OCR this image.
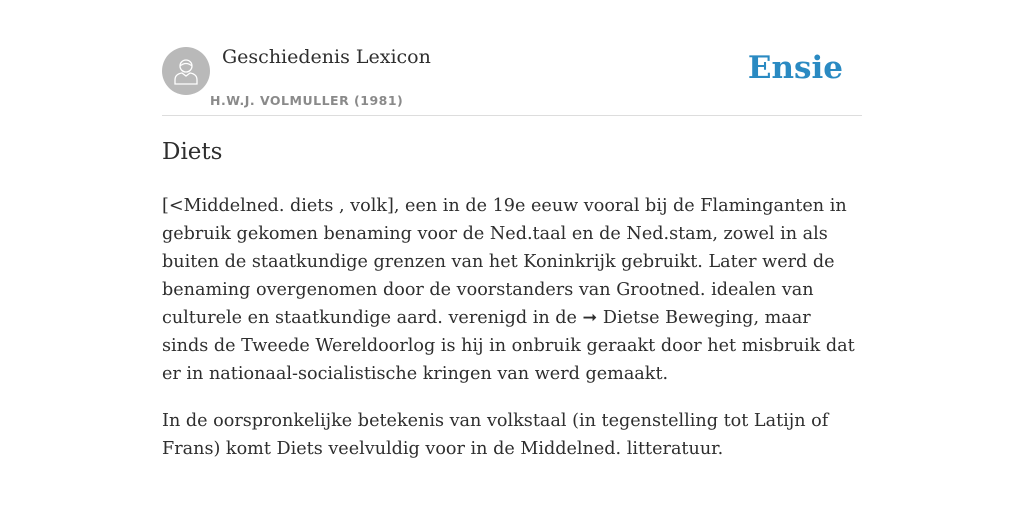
Geschiedenis Lexicon
H.W.J. VOLMULLER (1981)
Ensie
Diets

[<Middelned. diets , volk], een in de 19e eeuw vooral bij de Flaminganten in gebruik gekomen benaming voor de Ned.taal en de Ned.stam, zowel in als buiten de staatkundige grenzen van het Koninkrijk gebruikt. Later werd de benaming overgenomen door de voorstanders van Grootned. idealen van culturele en staatkundige aard. verenigd in de ➞ Dietse Beweging, maar sinds de Tweede Wereldoorlog is hij in onbruik geraakt door het misbruik dat er in nationaal-socialistische kringen van werd gemaakt.

In de oorspronkelijke betekenis van volkstaal (in tegenstelling tot Latijn of Frans) komt Diets veelvuldig voor in de Middelned. litteratuur.
